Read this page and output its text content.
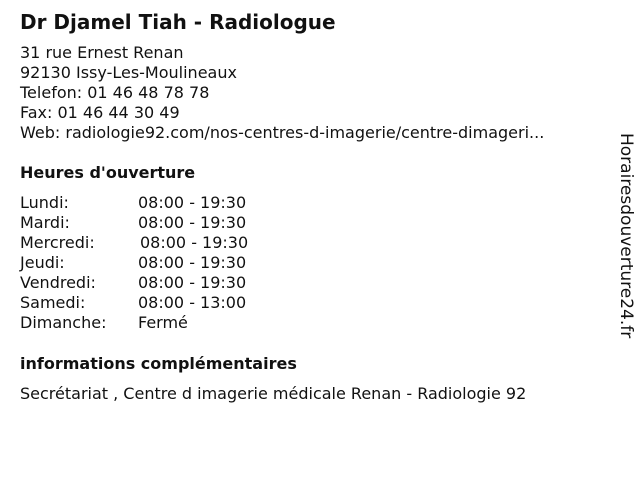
Dr Djamel Tiah - Radiologue
31 rue Ernest Renan
92130 Issy-Les-Moulineaux
Telefon: 01 46 48 78 78
Fax: 01 46 44 30 49
Web: radiologie92.com/nos-centres-d-imagerie/centre-dimageri...
Heures d'ouverture
Lundi:	08:00 - 19:30
Mardi:	08:00 - 19:30
Mercredi:	08:00 - 19:30
Jeudi:	08:00 - 19:30
Vendredi:	08:00 - 19:30
Samedi:	08:00 - 13:00
Dimanche: Fermé
informations complémentaires
Secrétariat , Centre d imagerie médicale Renan - Radiologie 92
Horairesdouverture24.fr
